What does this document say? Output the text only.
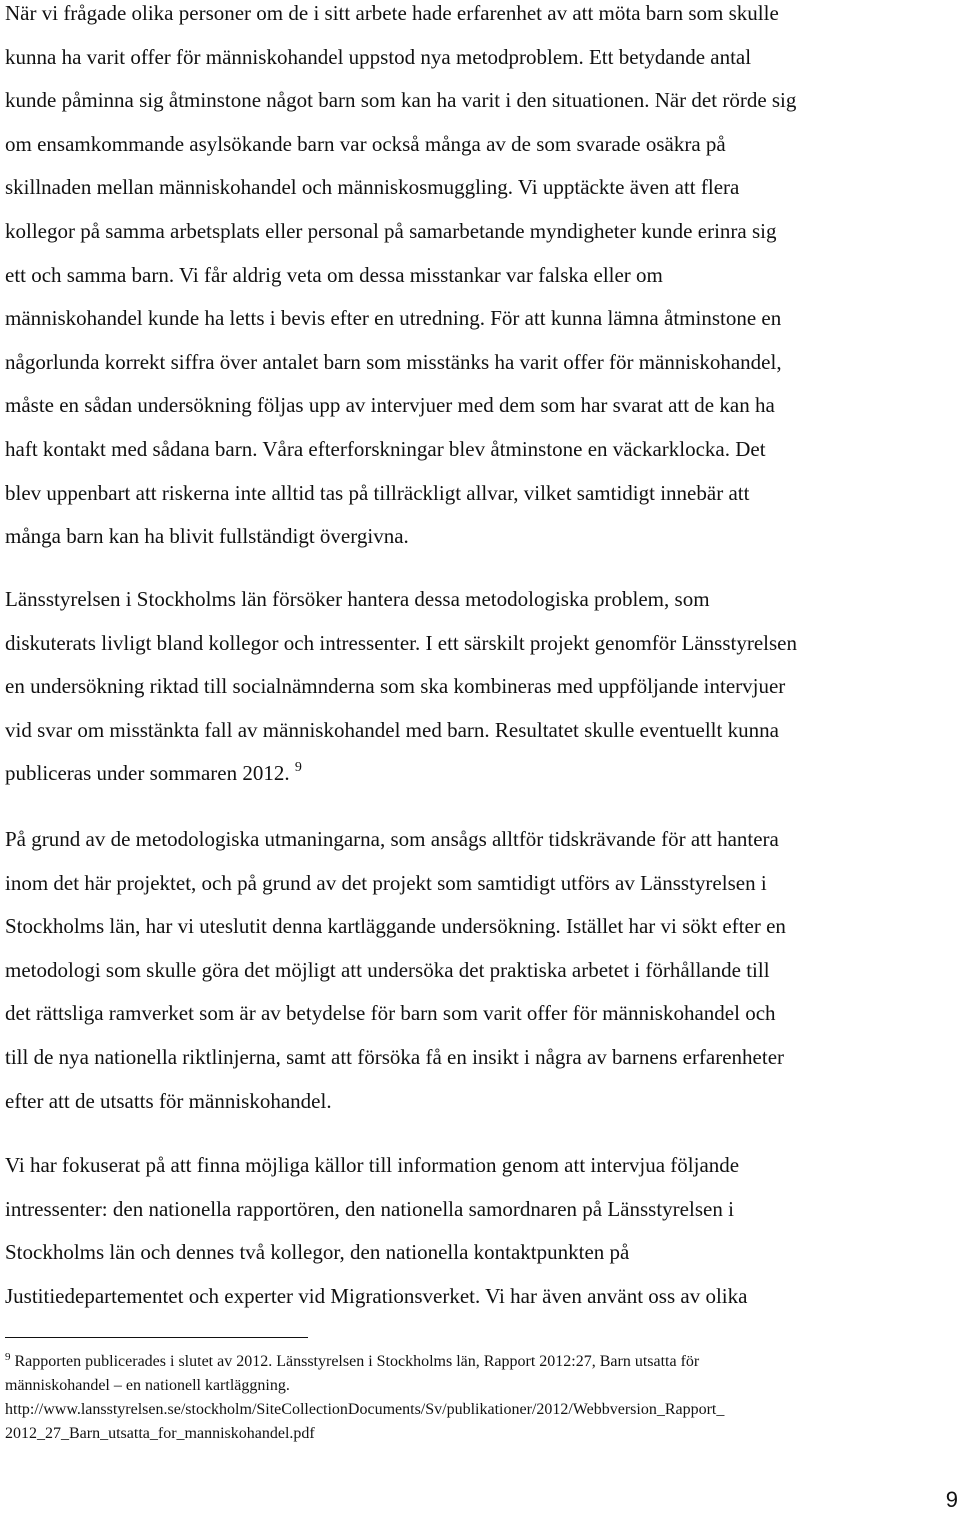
När vi frågade olika personer om de i sitt arbete hade erfarenhet av att möta barn som skulle
kunna ha varit offer för människohandel uppstod nya metodproblem. Ett betydande antal
kunde påminna sig åtminstone något barn som kan ha varit i den situationen. När det rörde sig
om ensamkommande asylsökande barn var också många av de som svarade osäkra på
skillnaden mellan människohandel och människosmuggling. Vi upptäckte även att flera
kollegor på samma arbetsplats eller personal på samarbetande myndigheter kunde erinra sig
ett och samma barn. Vi får aldrig veta om dessa misstankar var falska eller om
människohandel kunde ha letts i bevis efter en utredning. För att kunna lämna åtminstone en
någorlunda korrekt siffra över antalet barn som misstänks ha varit offer för människohandel,
måste en sådan undersökning följas upp av intervjuer med dem som har svarat att de kan ha
haft kontakt med sådana barn. Våra efterforskningar blev åtminstone en väckarklocka. Det
blev uppenbart att riskerna inte alltid tas på tillräckligt allvar, vilket samtidigt innebär att
många barn kan ha blivit fullständigt övergivna.

Länsstyrelsen i Stockholms län försöker hantera dessa metodologiska problem, som
diskuterats livligt bland kollegor och intressenter. I ett särskilt projekt genomför Länsstyrelsen
en undersökning riktad till socialnämnderna som ska kombineras med uppföljande intervjuer
vid svar om misstänkta fall av människohandel med barn. Resultatet skulle eventuellt kunna
publiceras under sommaren 2012. $^9$

På grund av de metodologiska utmaningarna, som ansågs alltför tidskrävande för att hantera
inom det här projektet, och på grund av det projekt som samtidigt utförs av Länsstyrelsen i
Stockholms län, har vi uteslutit denna kartläggande undersökning. Istället har vi sökt efter en
metodologi som skulle göra det möjligt att undersöka det praktiska arbetet i förhållande till
det rättsliga ramverket som är av betydelse för barn som varit offer för människohandel och
till de nya nationella riktlinjerna, samt att försöka få en insikt i några av barnens erfarenheter
efter att de utsatts för människohandel.

Vi har fokuserat på att finna möjliga källor till information genom att intervjua följande
intressenter: den nationella rapportören, den nationella samordnaren på Länsstyrelsen i
Stockholms län och dennes två kollegor, den nationella kontaktpunkten på
Justitiedepartementet och experter vid Migrationsverket. Vi har även använt oss av olika

$^9$ Rapporten publicerades i slutet av 2012. Länsstyrelsen i Stockholms län, Rapport 2012:27, Barn utsatta för
människohandel – en nationell kartläggning.
http://www.lansstyrelsen.se/stockholm/SiteCollectionDocuments/Sv/publikationer/2012/Webbversion_Rapport_
2012_27_Barn_utsatta_for_manniskohandel.pdf
9
